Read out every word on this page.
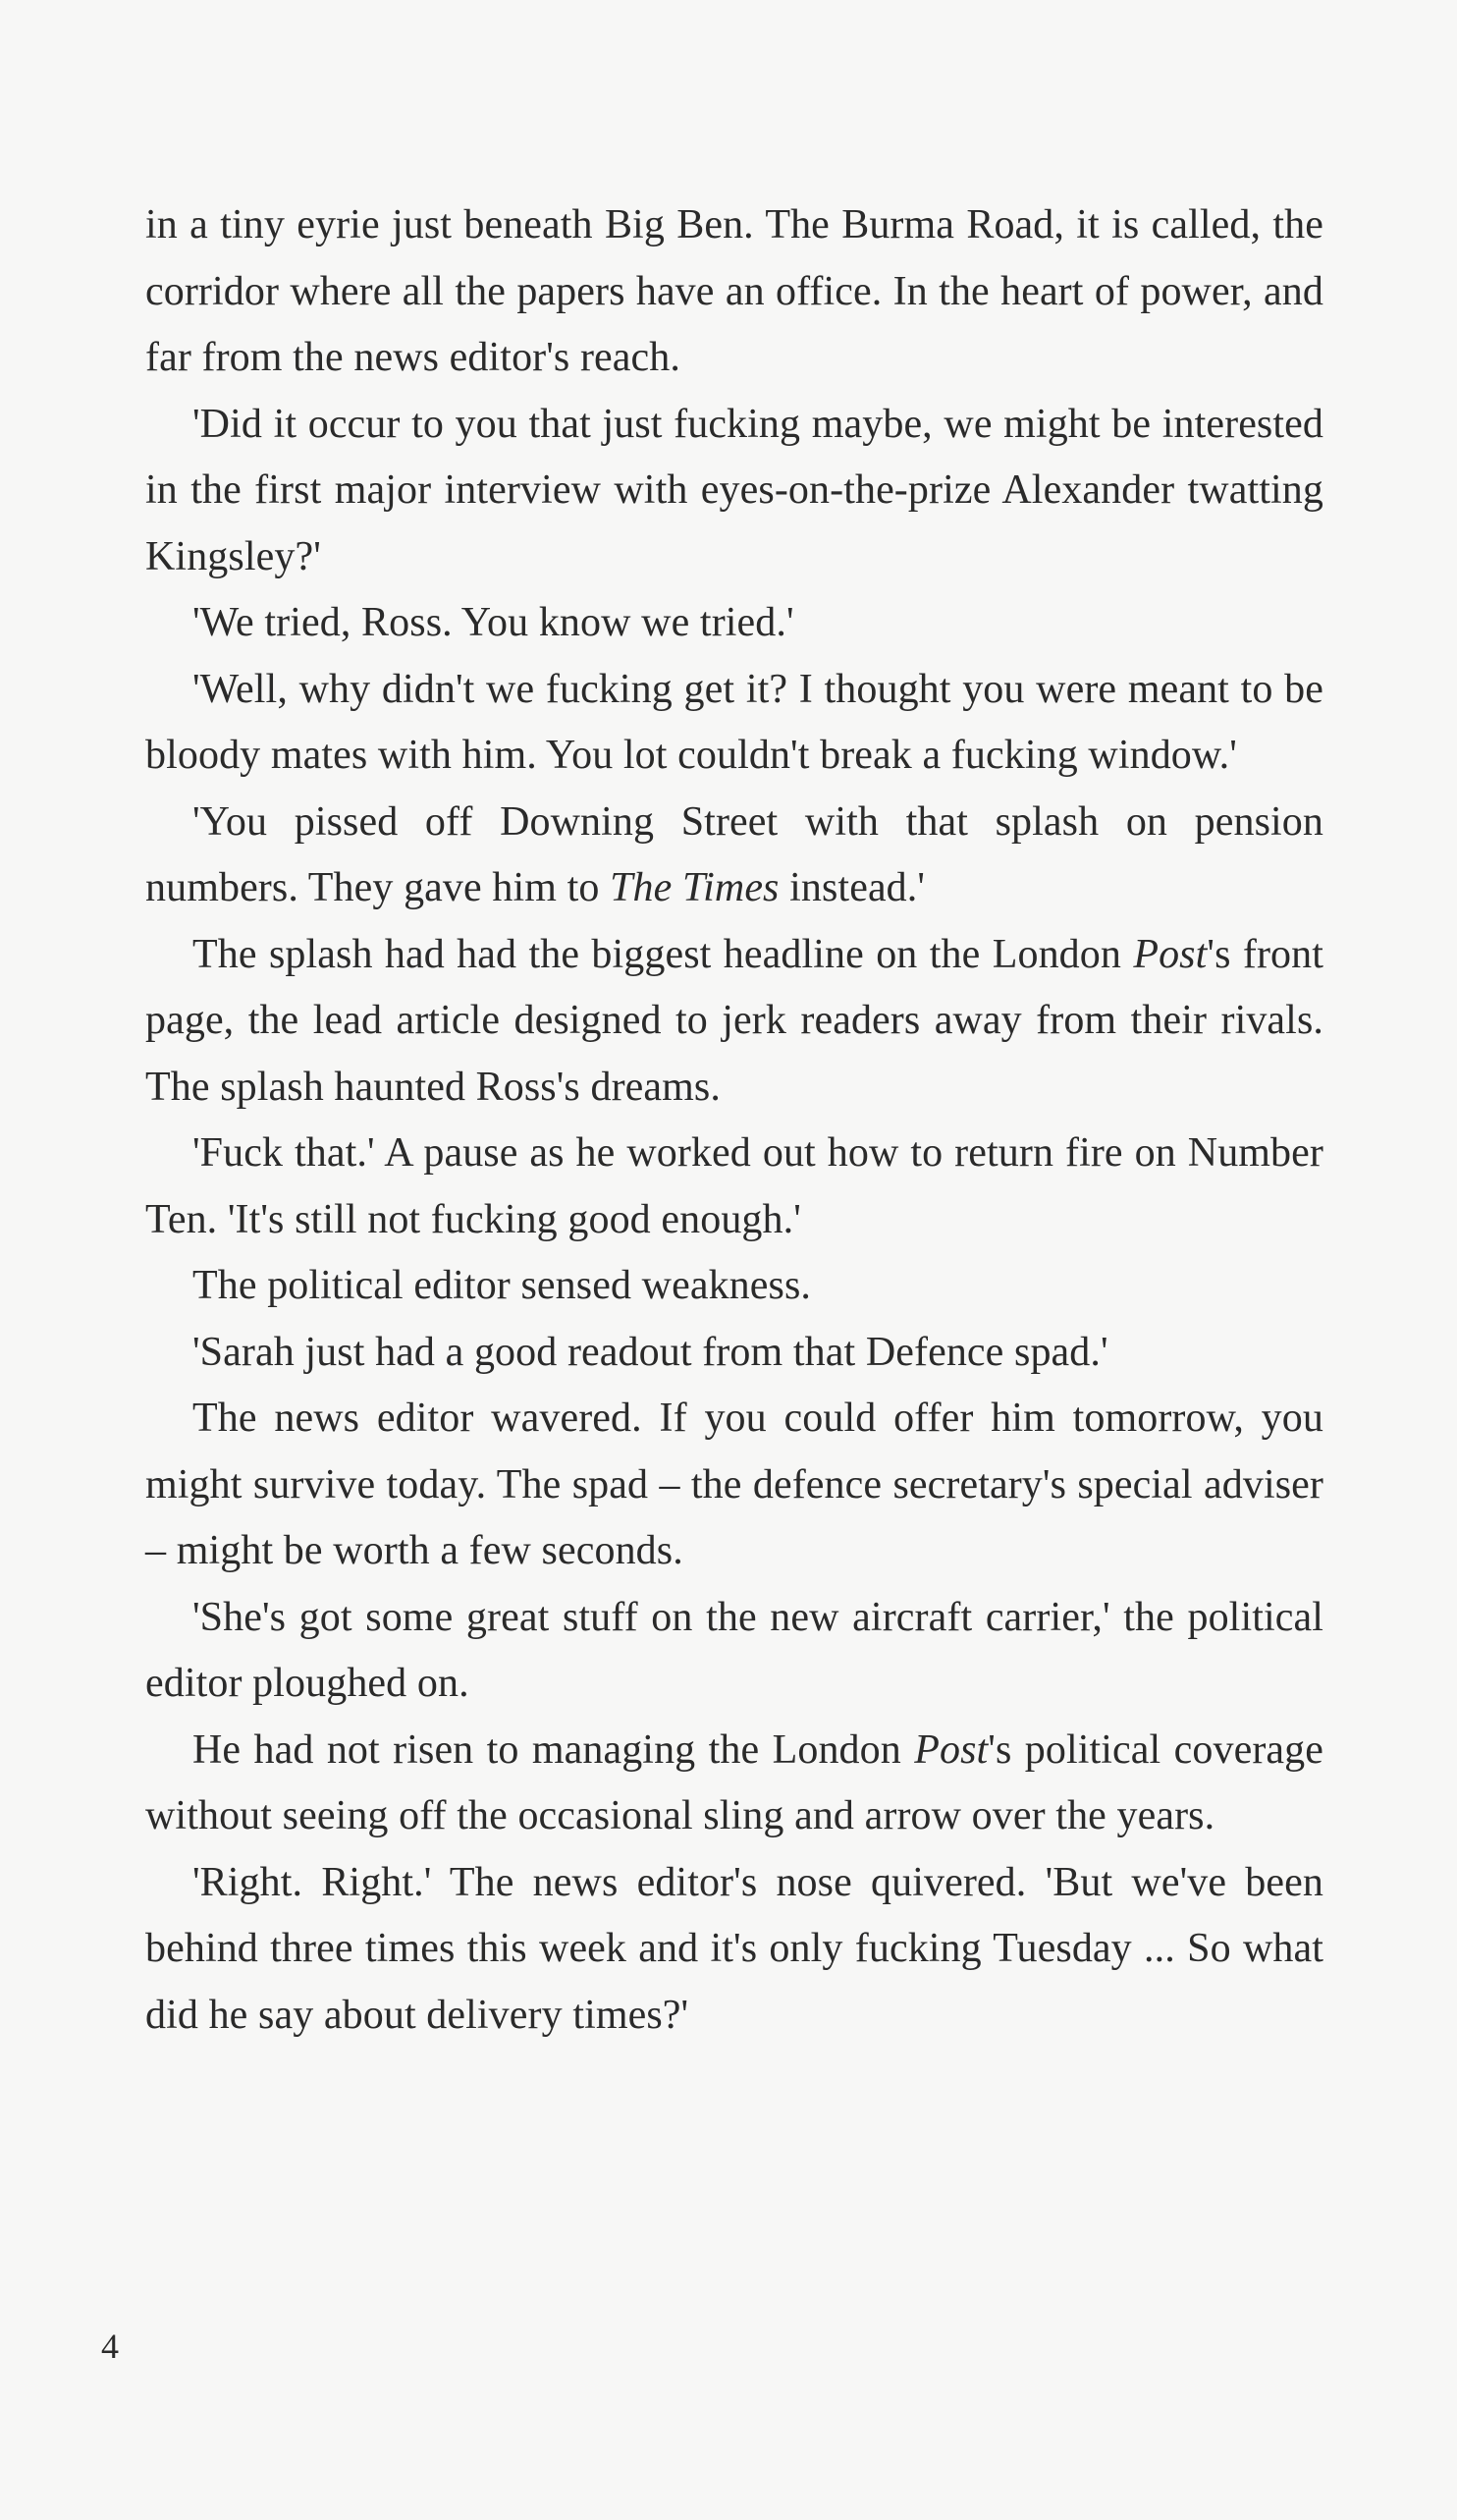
in a tiny eyrie just beneath Big Ben. The Burma Road, it is called, the corridor where all the papers have an office. In the heart of power, and far from the news editor's reach.

'Did it occur to you that just fucking maybe, we might be interested in the first major interview with eyes-on-the-prize Alexander twatting Kingsley?'

'We tried, Ross. You know we tried.'

'Well, why didn't we fucking get it? I thought you were meant to be bloody mates with him. You lot couldn't break a fucking window.'

'You pissed off Downing Street with that splash on pension numbers. They gave him to The Times instead.'

The splash had had the biggest headline on the London Post's front page, the lead article designed to jerk readers away from their rivals. The splash haunted Ross's dreams.

'Fuck that.' A pause as he worked out how to return fire on Number Ten. 'It's still not fucking good enough.'

The political editor sensed weakness.

'Sarah just had a good readout from that Defence spad.'

The news editor wavered. If you could offer him tomorrow, you might survive today. The spad – the defence secretary's special adviser – might be worth a few seconds.

'She's got some great stuff on the new aircraft carrier,' the political editor ploughed on.

He had not risen to managing the London Post's political coverage without seeing off the occasional sling and arrow over the years.

'Right. Right.' The news editor's nose quivered. 'But we've been behind three times this week and it's only fucking Tuesday ... So what did he say about delivery times?'

4
